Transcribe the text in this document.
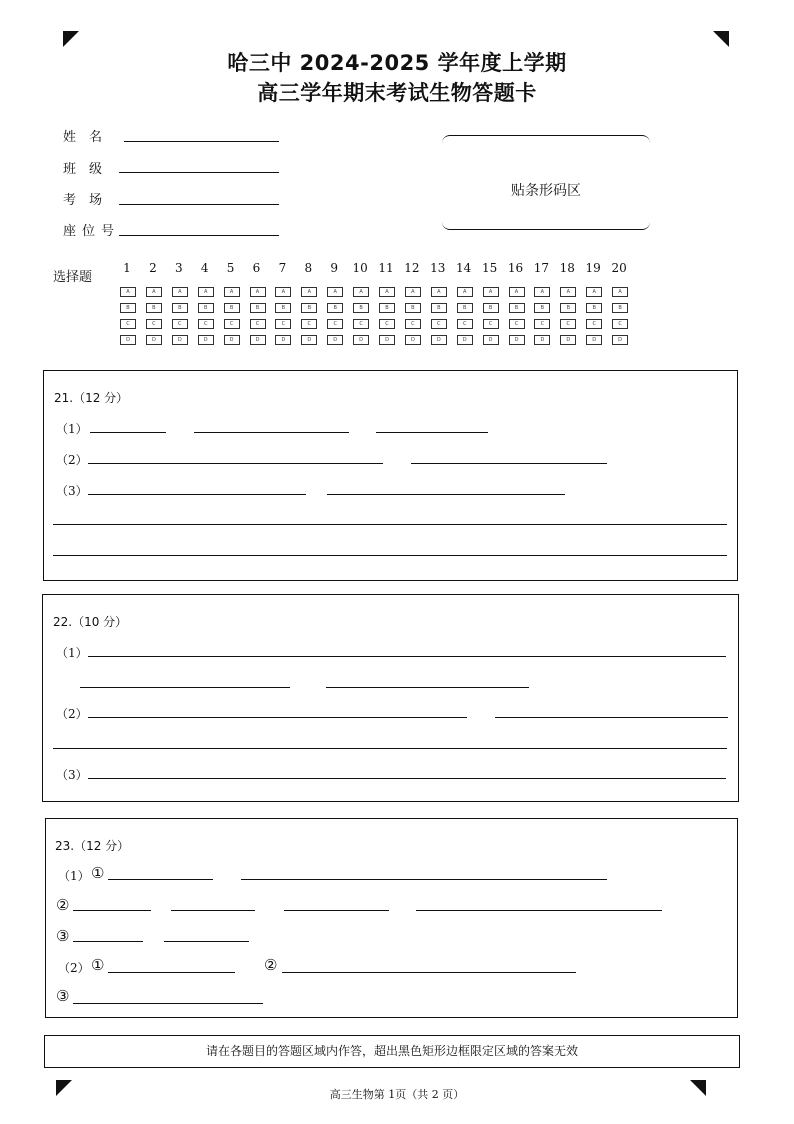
哈三中 2024-2025 学年度上学期
高三学年期末考试生物答题卡
姓　名
班　级
考　场
座位号
贴条形码区
选择题
1
A
B
C
D
2
A
B
C
D
3
A
B
C
D
4
A
B
C
D
5
A
B
C
D
6
A
B
C
D
7
A
B
C
D
8
A
B
C
D
9
A
B
C
D
10
A
B
C
D
11
A
B
C
D
12
A
B
C
D
13
A
B
C
D
14
A
B
C
D
15
A
B
C
D
16
A
B
C
D
17
A
B
C
D
18
A
B
C
D
19
A
B
C
D
20
A
B
C
D
21.（12 分）
（1）
（2）
（3）
22.（10 分）
（1）
（2）
（3）
23.（12 分）
（1） ①
②
③
（2） ①	②
③
请在各题目的答题区域内作答，超出黑色矩形边框限定区域的答案无效
高三生物第 1页（共 2 页）
